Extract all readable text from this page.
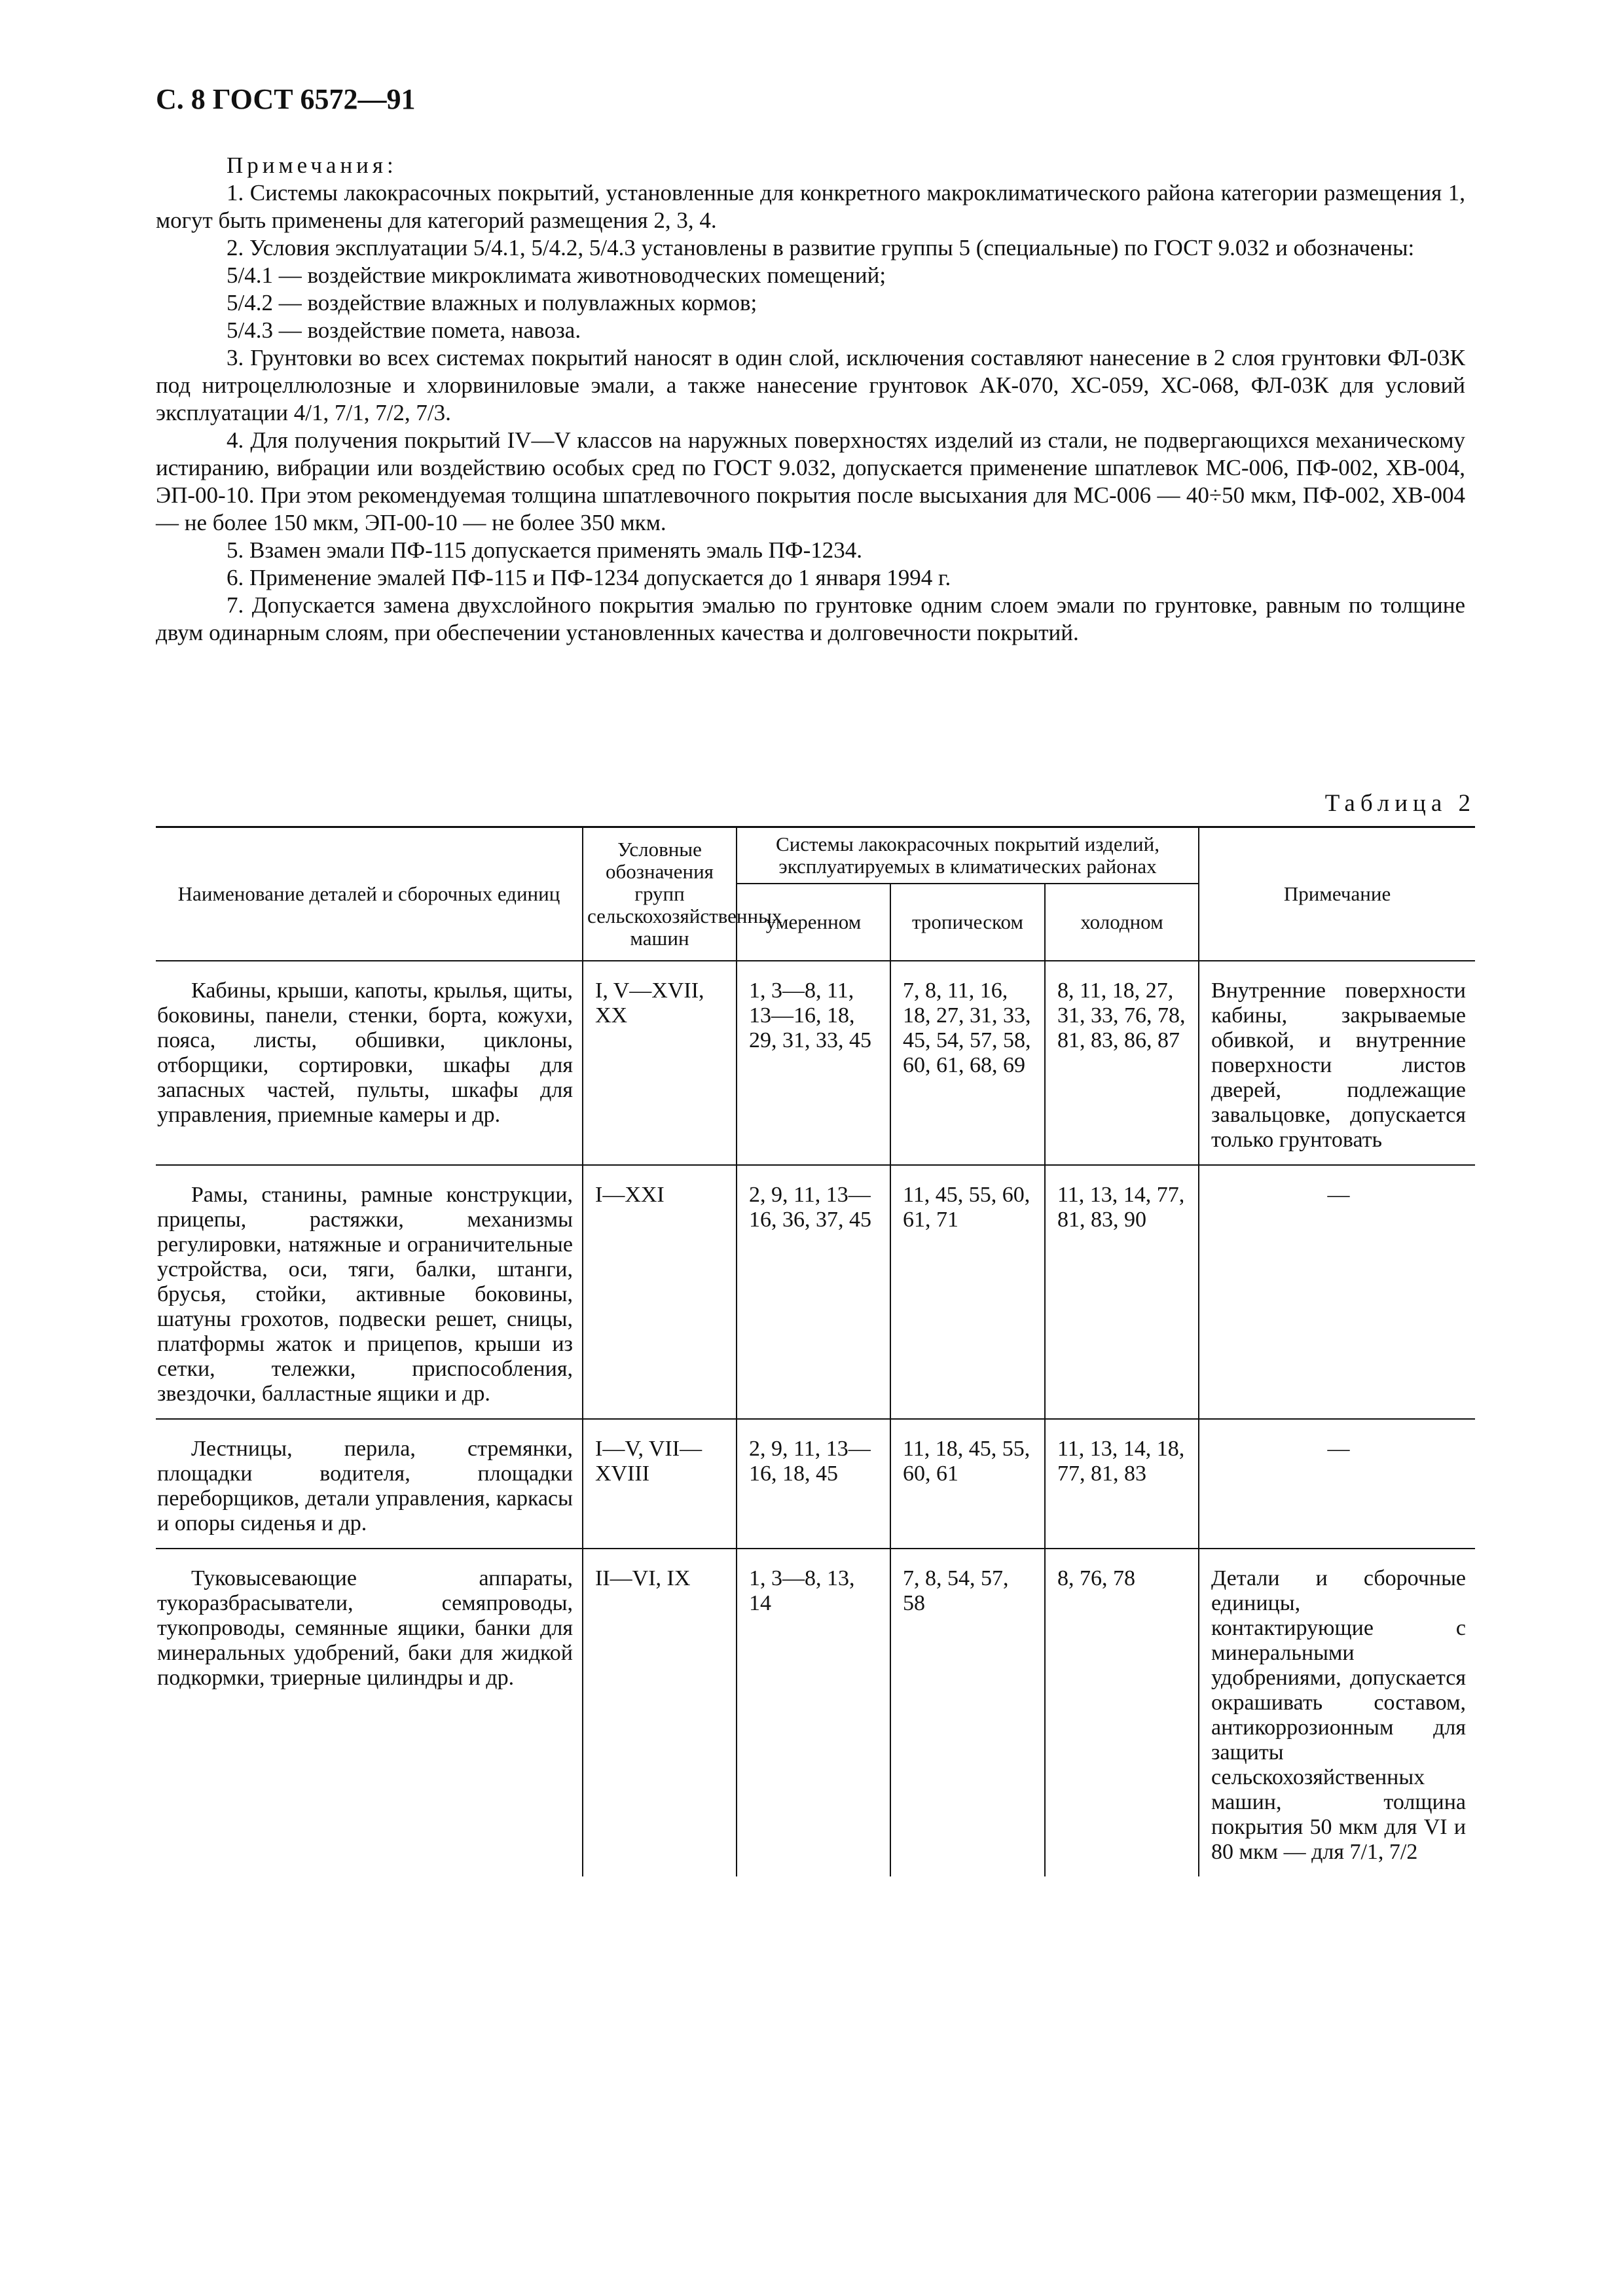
С. 8 ГОСТ 6572—91

Примечания:

1. Системы лакокрасочных покрытий, установленные для конкретного макроклиматического района категории размещения 1, могут быть применены для категорий размещения 2, 3, 4.

2. Условия эксплуатации 5/4.1, 5/4.2, 5/4.3 установлены в развитие группы 5 (специальные) по ГОСТ 9.032 и обозначены:

5/4.1 — воздействие микроклимата животноводческих помещений;

5/4.2 — воздействие влажных и полувлажных кормов;

5/4.3 — воздействие помета, навоза.

3. Грунтовки во всех системах покрытий наносят в один слой, исключения составляют нанесение в 2 слоя грунтовки ФЛ-03К под нитроцеллюлозные и хлорвиниловые эмали, а также нанесение грунтовок АК-070, ХС-059, ХС-068, ФЛ-03К для условий эксплуатации 4/1, 7/1, 7/2, 7/3.

4. Для получения покрытий IV—V классов на наружных поверхностях изделий из стали, не подвергающихся механическому истиранию, вибрации или воздействию особых сред по ГОСТ 9.032, допускается применение шпатлевок МС-006, ПФ-002, ХВ-004, ЭП-00-10. При этом рекомендуемая толщина шпатлевочного покрытия после высыхания для МС-006 — 40÷50 мкм, ПФ-002, ХВ-004 — не более 150 мкм, ЭП-00-10 — не более 350 мкм.

5. Взамен эмали ПФ-115 допускается применять эмаль ПФ-1234.

6. Применение эмалей ПФ-115 и ПФ-1234 допускается до 1 января 1994 г.

7. Допускается замена двухслойного покрытия эмалью по грунтовке одним слоем эмали по грунтовке, равным по толщине двум одинарным слоям, при обеспечении установленных качества и долговечности покрытий.

Таблица 2
Наименование деталей и сборочных единиц	Условные обозначения групп сельскохозяйственных машин	Системы лакокрасочных покрытий изделий, эксплуатируемых в климатических районах			Примечание
		умеренном	тропическом	холодном	
Кабины, крыши, капоты, крылья, щиты, боковины, панели, стенки, борта, кожухи, пояса, листы, обшивки, циклоны, отборщики, сортировки, шкафы для запасных частей, пульты, шкафы для управления, приемные камеры и др.	I, V—XVII, XX	1, 3—8, 11, 13—16, 18, 29, 31, 33, 45	7, 8, 11, 16, 18, 27, 31, 33, 45, 54, 57, 58, 60, 61, 68, 69	8, 11, 18, 27, 31, 33, 76, 78, 81, 83, 86, 87	Внутренние поверхности кабины, закрываемые обивкой, и внутренние поверхности листов дверей, подлежащие завальцовке, допускается только грунтовать
Рамы, станины, рамные конструкции, прицепы, растяжки, механизмы регулировки, натяжные и ограничительные устройства, оси, тяги, балки, штанги, брусья, стойки, активные боковины, шатуны грохотов, подвески решет, сницы, платформы жаток и прицепов, крыши из сетки, тележки, приспособления, звездочки, балластные ящики и др.	I—XXI	2, 9, 11, 13—16, 36, 37, 45	11, 45, 55, 60, 61, 71	11, 13, 14, 77, 81, 83, 90	—
Лестницы, перила, стремянки, площадки водителя, площадки переборщиков, детали управления, каркасы и опоры сиденья и др.	I—V, VII—XVIII	2, 9, 11, 13—16, 18, 45	11, 18, 45, 55, 60, 61	11, 13, 14, 18, 77, 81, 83	—
Туковысевающие аппараты, тукоразбрасыватели, семяпроводы, тукопроводы, семянные ящики, банки для минеральных удобрений, баки для жидкой подкормки, триерные цилиндры и др.	II—VI, IX	1, 3—8, 13, 14	7, 8, 54, 57, 58	8, 76, 78	Детали и сборочные единицы, контактирующие с минеральными удобрениями, допускается окрашивать составом, антикоррозионным для защиты сельскохозяйственных машин, толщина покрытия 50 мкм для VI и 80 мкм — для 7/1, 7/2
